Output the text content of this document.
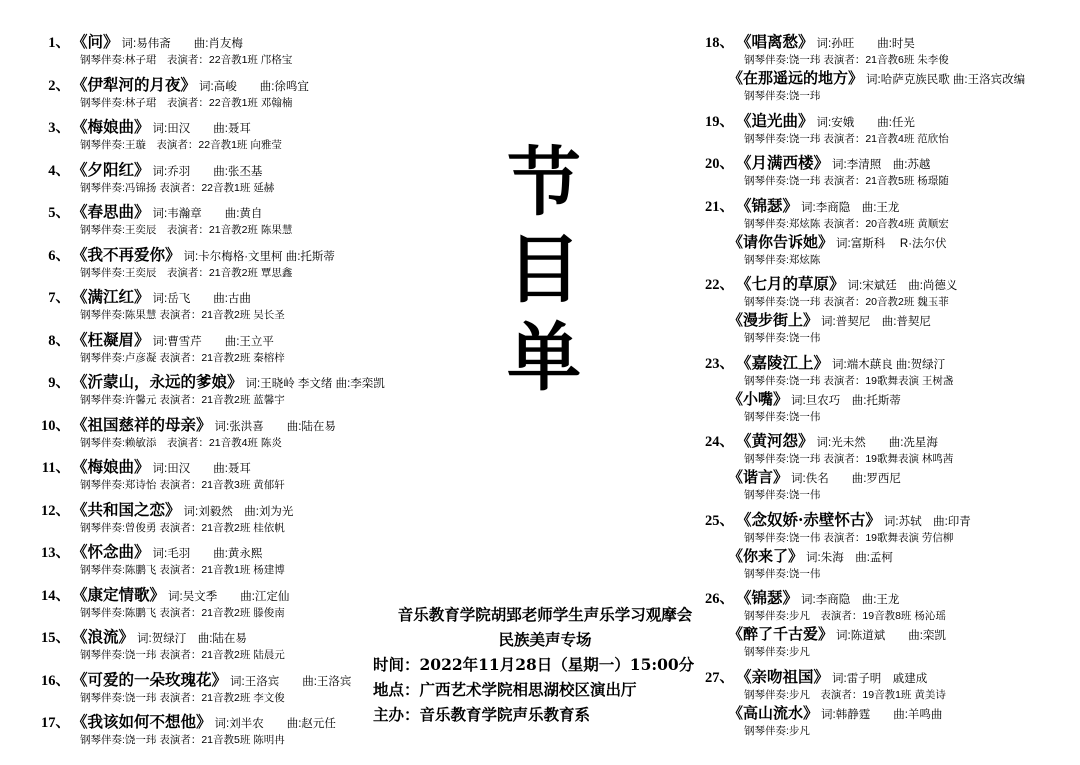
1、 《问》 词:易伟斋　　曲:肖友梅
钢琴伴奏:林子珺　表演者：22音教1班 邝格宝
2、 《伊犁河的月夜》 词:高峻　　曲:徐鸣宜
钢琴伴奏:林子珺　表演者：22音教1班 邓翰楠
3、 《梅娘曲》 词:田汉　　曲:聂耳
钢琴伴奏:王璇　表演者：22音教1班 向雅莹
4、 《夕阳红》 词:乔羽　　曲:张丕基
钢琴伴奏:冯锦扬 表演者：22音教1班 延赫
5、 《春思曲》 词:韦瀚章　　曲:黄自
钢琴伴奏:王奕辰　表演者：21音教2班 陈果慧
6、 《我不再爱你》 词:卡尔梅格·文里柯 曲:托斯蒂
钢琴伴奏:王奕辰　表演者：21音教2班 覃思鑫
7、 《满江红》 词:岳飞　　曲:古曲
钢琴伴奏:陈果慧 表演者：21音教2班 吴长圣
8、 《枉凝眉》 词:曹雪芹　　曲:王立平
钢琴伴奏:卢彦凝 表演者：21音教2班 秦榕梓
9、 《沂蒙山，永远的爹娘》 词:王晓岭 李文绪 曲:李栾凯
钢琴伴奏:许馨元 表演者：21音教2班 蓝馨宇
10、 《祖国慈祥的母亲》 词:张洪喜　　曲:陆在易
钢琴伴奏:赖敏添　表演者：21音教4班 陈炎
11、 《梅娘曲》 词:田汉　　曲:聂耳
钢琴伴奏:郑诗怡 表演者：21音教3班 黄郁轩
12、 《共和国之恋》 词:刘毅然　曲:刘为光
钢琴伴奏:曾俊勇 表演者：21音教2班 桂依帆
13、 《怀念曲》 词:毛羽　　曲:黄永熙
钢琴伴奏:陈鹏飞 表演者：21音教1班 杨建博
14、 《康定情歌》 词:吴文季　　曲:江定仙
钢琴伴奏:陈鹏飞 表演者：21音教2班 滕俊南
15、 《浪流》 词:贺绿汀　曲:陆在易
钢琴伴奏:饶一玮 表演者：21音教2班 陆晨元
16、 《可爱的一朵玫瑰花》 词:王洛宾　　曲:王洛宾
钢琴伴奏:饶一玮 表演者：21音教2班 李文俊
17、 《我该如何不想他》 词:刘半农　　曲:赵元任
钢琴伴奏:饶一玮 表演者：21音教5班 陈明冉
18、 《唱离愁》 词:孙旺　　曲:时昊
钢琴伴奏:饶一玮 表演者：21音教6班 朱李俊
《在那遥远的地方》 词:哈萨克族民歌 曲:王洛宾改编
钢琴伴奏:饶一玮
19、 《追光曲》 词:安娥　　曲:任光
钢琴伴奏:饶一玮 表演者：21音教4班 范欣怡
20、 《月满西楼》 词:李清照　曲:苏越
钢琴伴奏:饶一玮 表演者：21音教5班 杨璟随
21、 《锦瑟》 词:李商隐　曲:王龙
钢琴伴奏:郑炫陈 表演者：20音教4班 黄顺宏
《请你告诉她》 词:富斯科　 R·法尔伏
钢琴伴奏:郑炫陈
22、 《七月的草原》 词:宋斌廷　曲:尚德义
钢琴伴奏:饶一玮 表演者：20音教2班 魏玉菲
《漫步街上》 词:普契尼　曲:普契尼
钢琴伴奏:饶一伟
23、 《嘉陵江上》 词:端木蕻良 曲:贺绿汀
钢琴伴奏:饶一玮 表演者：19歌舞表演 王树盏
《小嘴》 词:旦农巧　曲:托斯蒂
钢琴伴奏:饶一伟
24、 《黄河怨》 词:光未然　　曲:冼星海
钢琴伴奏:饶一玮 表演者：19歌舞表演 林鸣茜
《谐言》 词:佚名　　曲:罗西尼
钢琴伴奏:饶一伟
25、 《念奴娇·赤壁怀古》 词:苏轼　曲:印青
钢琴伴奏:饶一伟 表演者：19歌舞表演 劳信柳
《你来了》 词:朱海　曲:孟柯
钢琴伴奏:饶一伟
26、 《锦瑟》 词:李商隐　曲:王龙
钢琴伴奏:步凡　表演者：19音教8班 杨沁瑶
《醉了千古爱》 词:陈道斌　　曲:栾凯
钢琴伴奏:步凡
27、 《亲吻祖国》 词:雷子明　戚建成
钢琴伴奏:步凡　表演者：19音教1班 黄美诗
《高山流水》 词:韩静霆　　曲:羊鸣曲
钢琴伴奏:步凡
节
目
单
音乐教育学院胡郢老师学生声乐学习观摩会
民族美声专场
时间：2022年11月28日（星期一）15:00分
地点：广西艺术学院相思湖校区演出厅
主办：音乐教育学院声乐教育系
